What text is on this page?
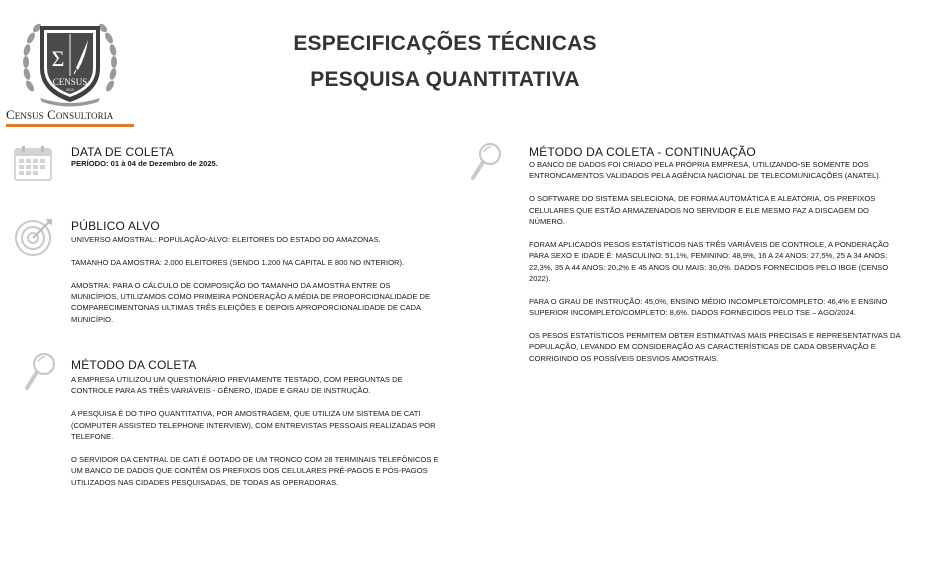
Σ
CENSUS
2013
Census Consultoria
ESPECIFICAÇÕES TÉCNICAS
PESQUISA QUANTITATIVA
DATA DE COLETA

PERÍODO: 01 à 04 de Dezembro de 2025.

PÚBLICO ALVO

UNIVERSO AMOSTRAL: POPULAÇÃO-ALVO: ELEITORES DO ESTADO DO AMAZONAS.

TAMANHO DA AMOSTRA: 2.000 ELEITORES (SENDO 1.200 NA CAPITAL E 800 NO INTERIOR).

AMOSTRA: PARA O CÁLCULO DE COMPOSIÇÃO DO TAMANHO DA AMOSTRA ENTRE OS MUNICÍPIOS, UTILIZAMOS COMO PRIMEIRA PONDERAÇÃO A MÉDIA DE PROPORCIONALIDADE DE COMPARECIMENTONAS ULTIMAS TRÊS ELEIÇÕES E DEPOIS APROPORCIONALIDADE DE CADA MUNICÍPIO.

MÉTODO DA COLETA

A EMPRESA UTILIZOU UM QUESTIONÁRIO PREVIAMENTE TESTADO, COM PERGUNTAS DE CONTROLE PARA AS TRÊS VARIÁVEIS - GÊNERO, IDADE E GRAU DE INSTRUÇÃO.

A PESQUISA É DO TIPO QUANTITATIVA, POR AMOSTRAGEM, QUE UTILIZA UM SISTEMA DE CATI (COMPUTER ASSISTED TELEPHONE INTERVIEW), COM ENTREVISTAS PESSOAIS REALIZADAS POR TELEFONE.

O SERVIDOR DA CENTRAL DE CATI É DOTADO DE UM TRONCO COM 28 TERMINAIS TELEFÔNICOS E UM BANCO DE DADOS QUE CONTÊM OS PREFIXOS DOS CELULARES PRÉ-PAGOS E PÓS-PAGOS UTILIZADOS NAS CIDADES PESQUISADAS, DE TODAS AS OPERADORAS.

MÉTODO DA COLETA - CONTINUAÇÃO

O BANCO DE DADOS FOI CRIADO PELA PRÓPRIA EMPRESA, UTILIZANDO-SE SOMENTE DOS ENTRONCAMENTOS VALIDADOS PELA AGÊNCIA NACIONAL DE TELECOMUNICAÇÕES (ANATEL).

O SOFTWARE DO SISTEMA SELECIONA, DE FORMA AUTOMÁTICA E ALEATÓRIA, OS PREFIXOS CELULARES QUE ESTÃO ARMAZENADOS NO SERVIDOR E ELE MESMO FAZ A DISCAGEM DO NÚMERO.

FORAM APLICADOS PESOS ESTATÍSTICOS NAS TRÊS VARIÁVEIS DE CONTROLE, A PONDERAÇÃO PARA SEXO E IDADE É: MASCULINO: 51,1%, FEMININO: 48,9%, 16 A 24 ANOS: 27,5%, 25 A 34 ANOS: 22,3%, 35 A 44 ANOS: 20,2% E 45 ANOS OU MAIS: 30,0%. DADOS FORNECIDOS PELO IBGE (CENSO 2022).

PARA O GRAU DE INSTRUÇÃO: 45,0%, ENSINO MÉDIO INCOMPLETO/COMPLETO: 46,4% E ENSINO SUPERIOR INCOMPLETO/COMPLETO: 8,6%. DADOS FORNECIDOS PELO TSE – AGO/2024.

OS PESOS ESTATÍSTICOS PERMITEM OBTER ESTIMATIVAS MAIS PRECISAS E REPRESENTATIVAS DA POPULAÇÃO, LEVANDO EM CONSIDERAÇÃO AS CARACTERÍSTICAS DE CADA OBSERVAÇÃO E CORRIGINDO OS POSSÍVEIS DESVIOS AMOSTRAIS.
